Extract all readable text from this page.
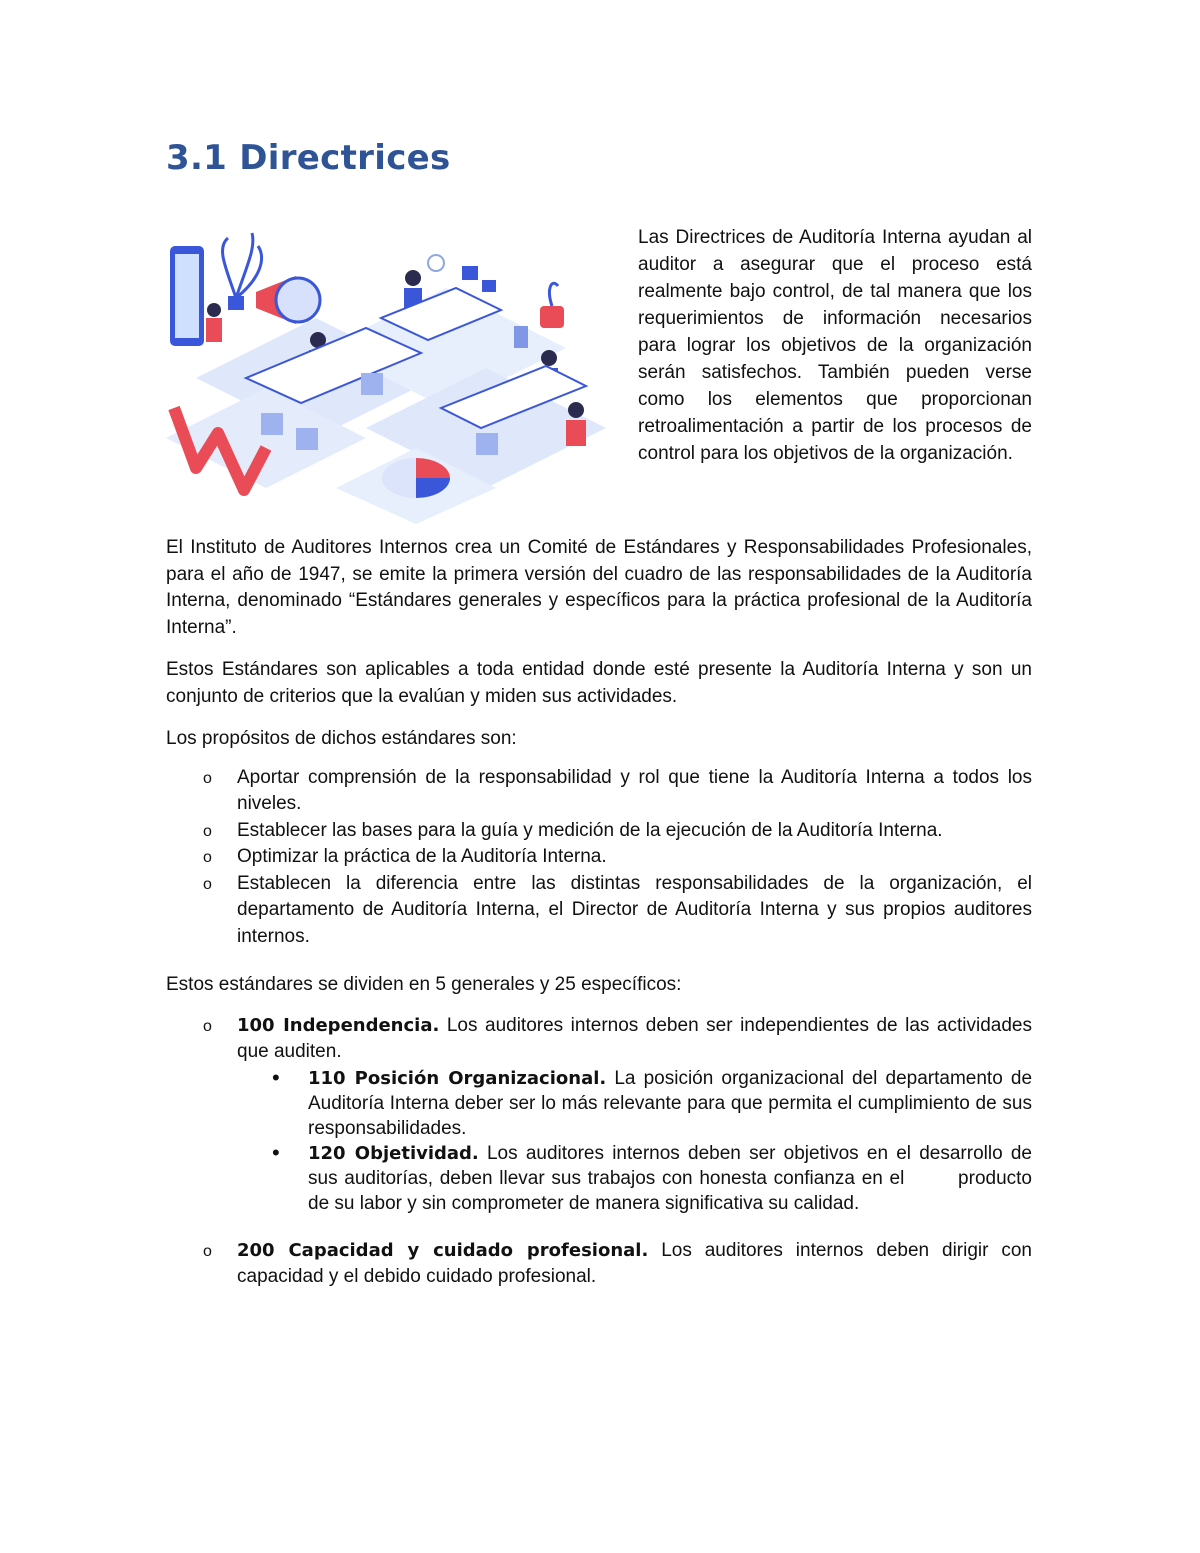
3.1 Directrices

Las Directrices de Auditoría Interna ayudan al auditor a asegurar que el proceso está realmente bajo control, de tal manera que los requerimientos de información necesarios para lograr los objetivos de la organización serán satisfechos. También pueden verse como los elementos que proporcionan retroalimentación a partir de los procesos de control para los objetivos de la organización.

El Instituto de Auditores Internos crea un Comité de Estándares y Responsabilidades Profesionales, para el año de 1947, se emite la primera versión del cuadro de las responsabilidades de la Auditoría Interna, denominado “Estándares generales y específicos para la práctica profesional de la Auditoría Interna”.

Estos Estándares son aplicables a toda entidad donde esté presente la Auditoría Interna y son un conjunto de criterios que la evalúan y miden sus actividades.

Los propósitos de dichos estándares son:

o Aportar comprensión de la responsabilidad y rol que tiene la Auditoría Interna a todos los niveles.
o Establecer las bases para la guía y medición de la ejecución de la Auditoría Interna.
o Optimizar la práctica de la Auditoría Interna.
o Establecen la diferencia entre las distintas responsabilidades de la organización, el departamento de Auditoría Interna, el Director de Auditoría Interna y sus propios auditores internos.

Estos estándares se dividen en 5 generales y 25 específicos:

o 100 Independencia. Los auditores internos deben ser independientes de las actividades que auditen.
• 110 Posición Organizacional. La posición organizacional del departamento de Auditoría Interna deber ser lo más relevante para que permita el cumplimiento de sus responsabilidades.
• 120 Objetividad. Los auditores internos deben ser objetivos en el desarrollo de sus auditorías, deben llevar sus trabajos con honesta confianza en el        producto de su labor y sin comprometer de manera significativa su calidad.
o 200 Capacidad y cuidado profesional. Los auditores internos deben dirigir con capacidad y el debido cuidado profesional.
